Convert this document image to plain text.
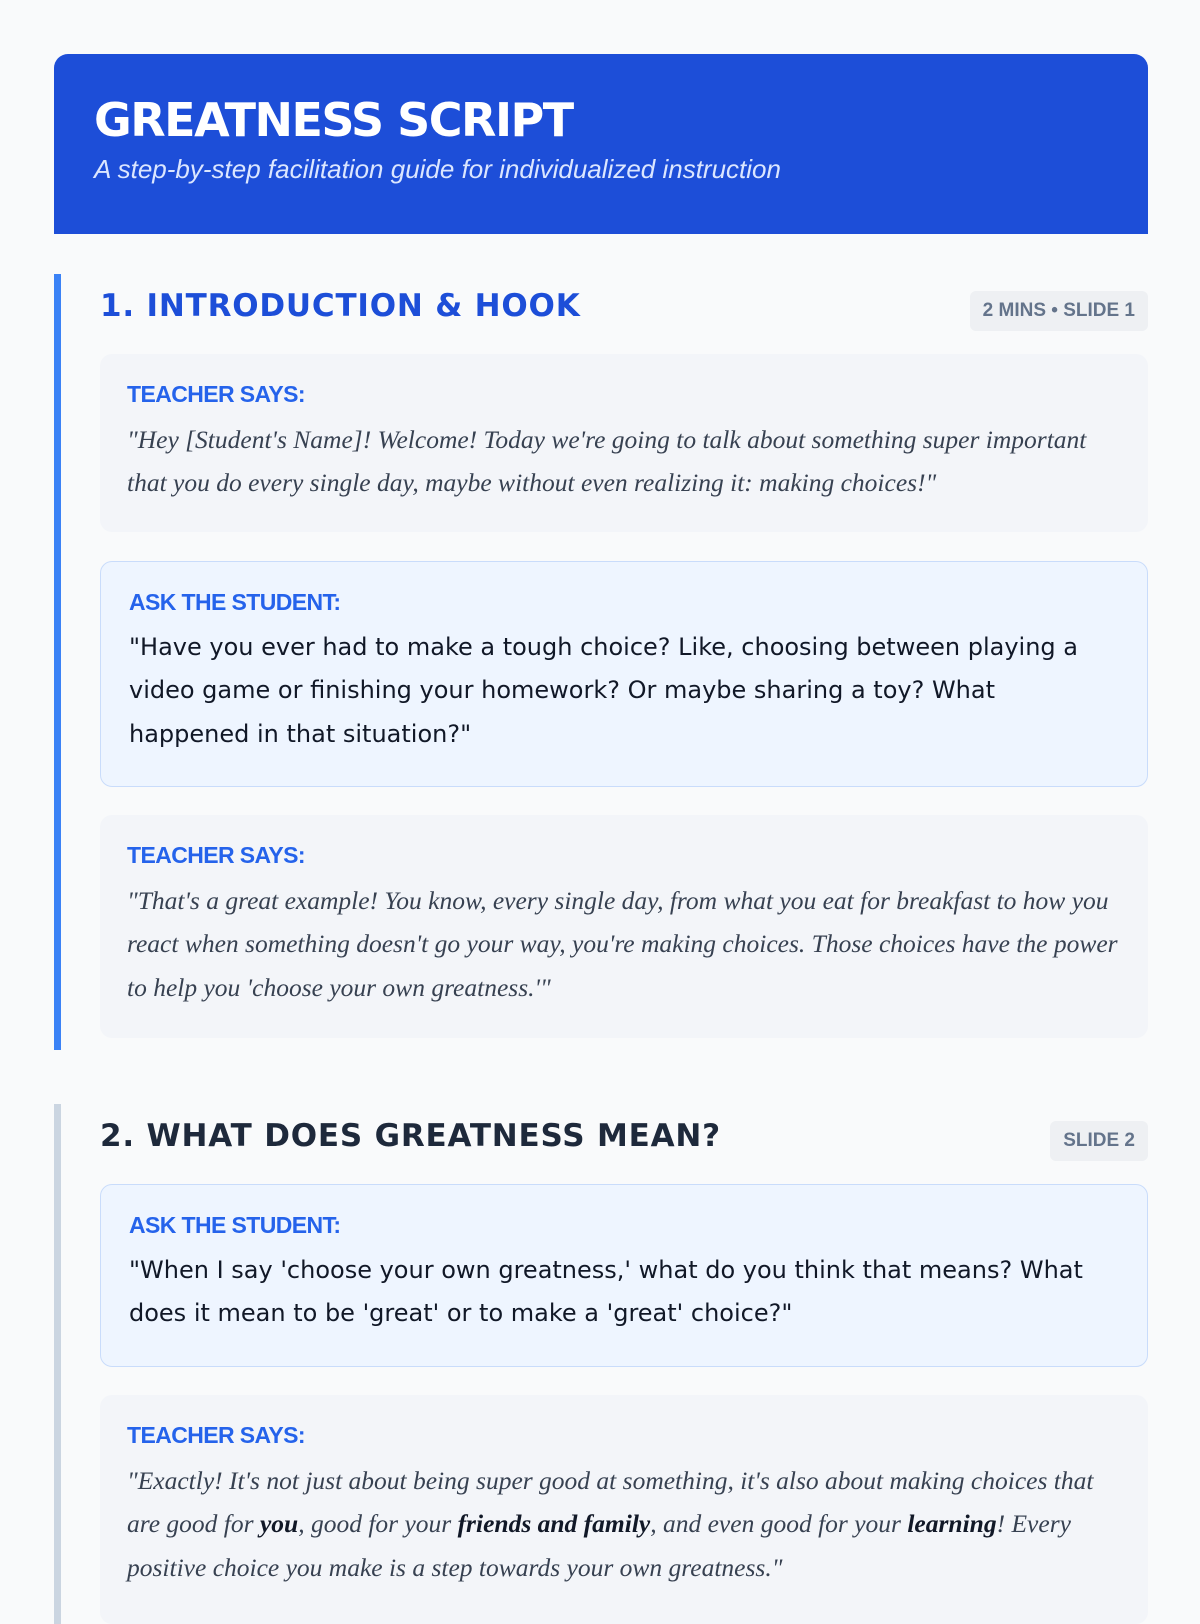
GREATNESS SCRIPT
A step-by-step facilitation guide for individualized instruction
1. INTRODUCTION & HOOK	2 MINS • SLIDE 1
TEACHER SAYS:
"Hey [Student's Name]! Welcome! Today we're going to talk about something super important that you do every single day, maybe without even realizing it: making choices!"
ASK THE STUDENT:
"Have you ever had to make a tough choice? Like, choosing between playing a video game or finishing your homework? Or maybe sharing a toy? What happened in that situation?"
TEACHER SAYS:
"That's a great example! You know, every single day, from what you eat for breakfast to how you react when something doesn't go your way, you're making choices. Those choices have the power to help you 'choose your own greatness.'"
2. WHAT DOES GREATNESS MEAN?	SLIDE 2
ASK THE STUDENT:
"When I say 'choose your own greatness,' what do you think that means? What does it mean to be 'great' or to make a 'great' choice?"
TEACHER SAYS:
"Exactly! It's not just about being super good at something, it's also about making choices that are good for you, good for your friends and family, and even good for your learning! Every positive choice you make is a step towards your own greatness."
